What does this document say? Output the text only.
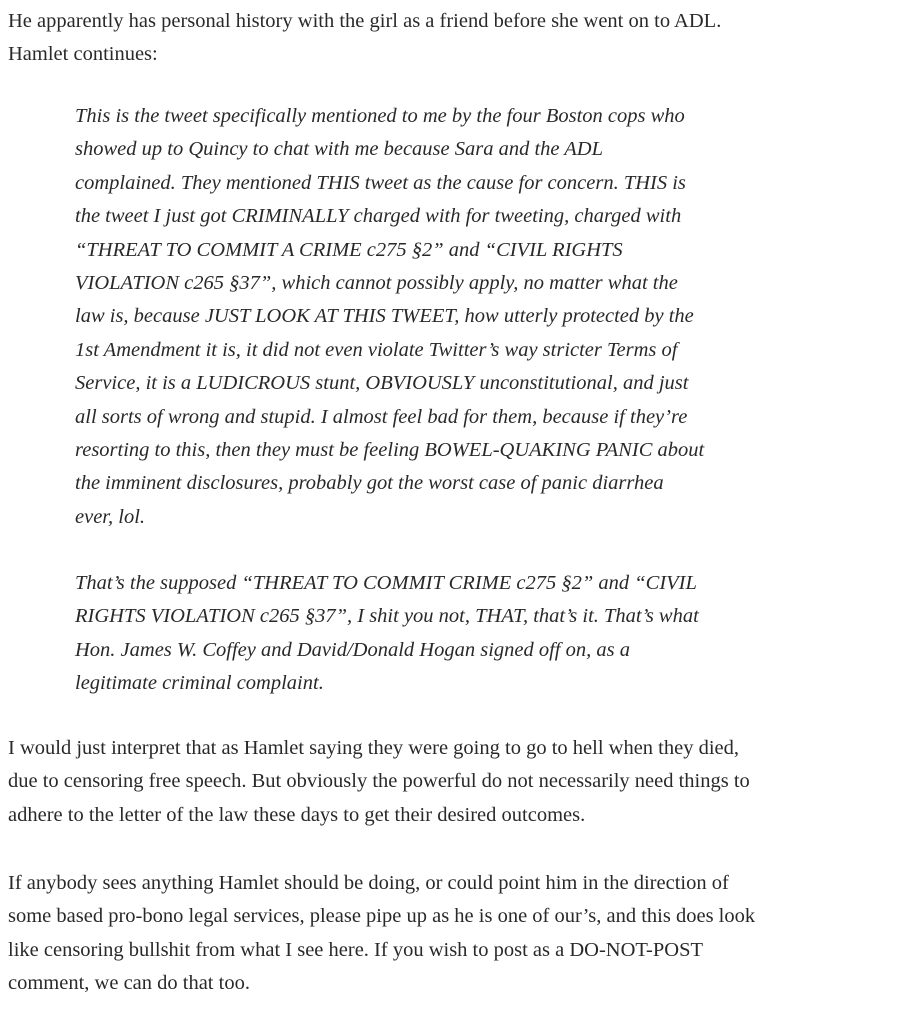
He apparently has personal history with the girl as a friend before she went on to ADL.
Hamlet continues:

This is the tweet specifically mentioned to me by the four Boston cops who
showed up to Quincy to chat with me because Sara and the ADL
complained. They mentioned THIS tweet as the cause for concern. THIS is
the tweet I just got CRIMINALLY charged with for tweeting, charged with
“THREAT TO COMMIT A CRIME c275 §2” and “CIVIL RIGHTS
VIOLATION c265 §37”, which cannot possibly apply, no matter what the
law is, because JUST LOOK AT THIS TWEET, how utterly protected by the
1st Amendment it is, it did not even violate Twitter’s way stricter Terms of
Service, it is a LUDICROUS stunt, OBVIOUSLY unconstitutional, and just
all sorts of wrong and stupid. I almost feel bad for them, because if they’re
resorting to this, then they must be feeling BOWEL-QUAKING PANIC about
the imminent disclosures, probably got the worst case of panic diarrhea
ever, lol.
That’s the supposed “THREAT TO COMMIT CRIME c275 §2” and “CIVIL
RIGHTS VIOLATION c265 §37”, I shit you not, THAT, that’s it. That’s what
Hon. James W. Coffey and David/Donald Hogan signed off on, as a
legitimate criminal complaint.

I would just interpret that as Hamlet saying they were going to go to hell when they died,
due to censoring free speech. But obviously the powerful do not necessarily need things to
adhere to the letter of the law these days to get their desired outcomes.

If anybody sees anything Hamlet should be doing, or could point him in the direction of
some based pro-bono legal services, please pipe up as he is one of our’s, and this does look
like censoring bullshit from what I see here. If you wish to post as a DO-NOT-POST
comment, we can do that too.
